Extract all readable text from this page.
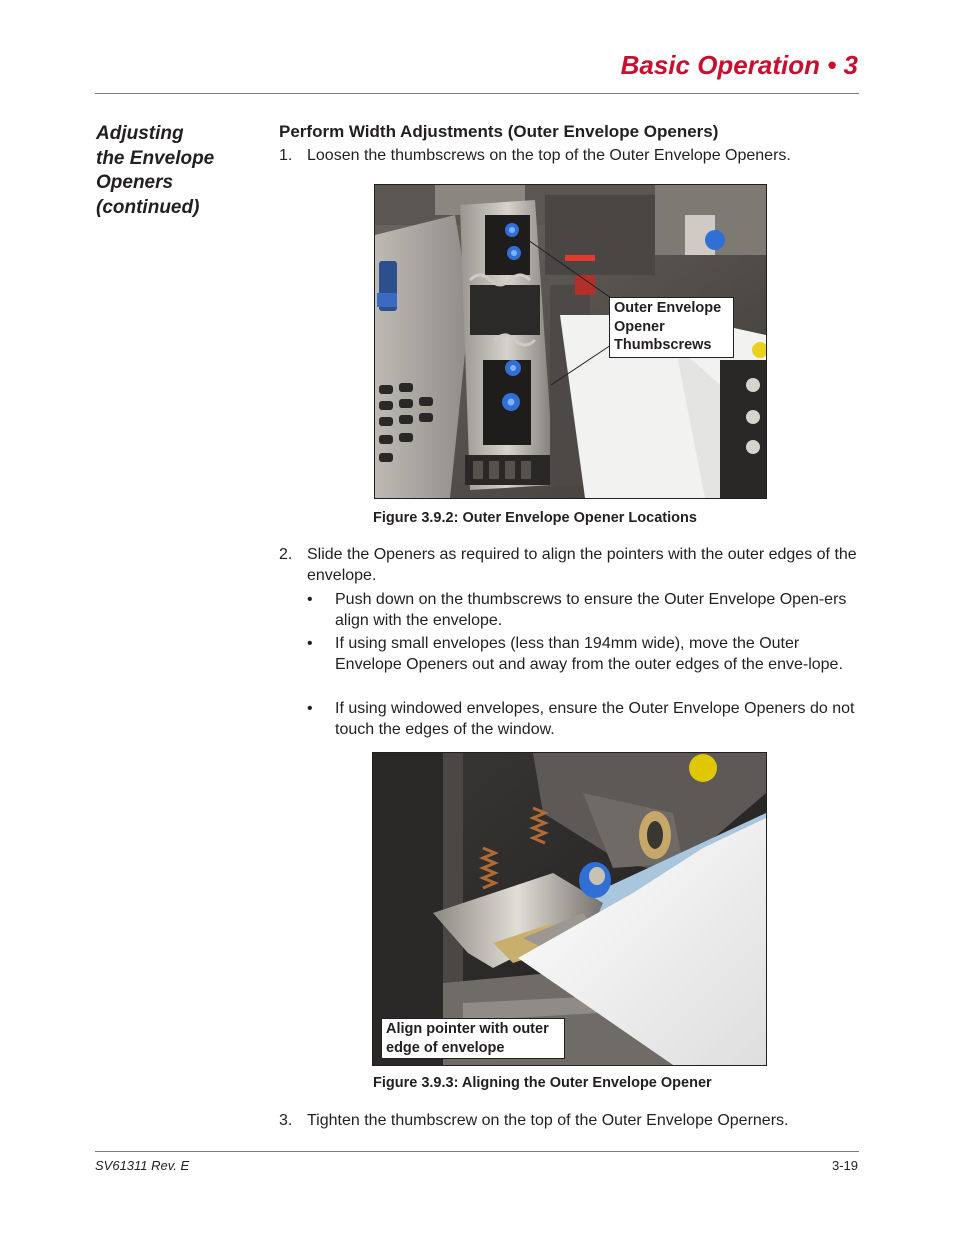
Basic Operation • 3
Adjusting
the Envelope
Openers
(continued)
Perform Width Adjustments (Outer Envelope Openers)
1. Loosen the thumbscrews on the top of the Outer Envelope Openers.
Outer Envelope
Opener
Thumbscrews
Figure 3.9.2: Outer Envelope Opener Locations
2. Slide the Openers as required to align the pointers with the outer edges of the envelope.
• Push down on the thumbscrews to ensure the Outer Envelope Open-ers align with the envelope.
• If using small envelopes (less than 194mm wide), move the Outer Envelope Openers out and away from the outer edges of the enve-lope.
• If using windowed envelopes, ensure the Outer Envelope Openers do not touch the edges of the window.
Align pointer with outer
edge of envelope
Figure 3.9.3: Aligning the Outer Envelope Opener
3. Tighten the thumbscrew on the top of the Outer Envelope Operners.
SV61311 Rev. E	3-19
